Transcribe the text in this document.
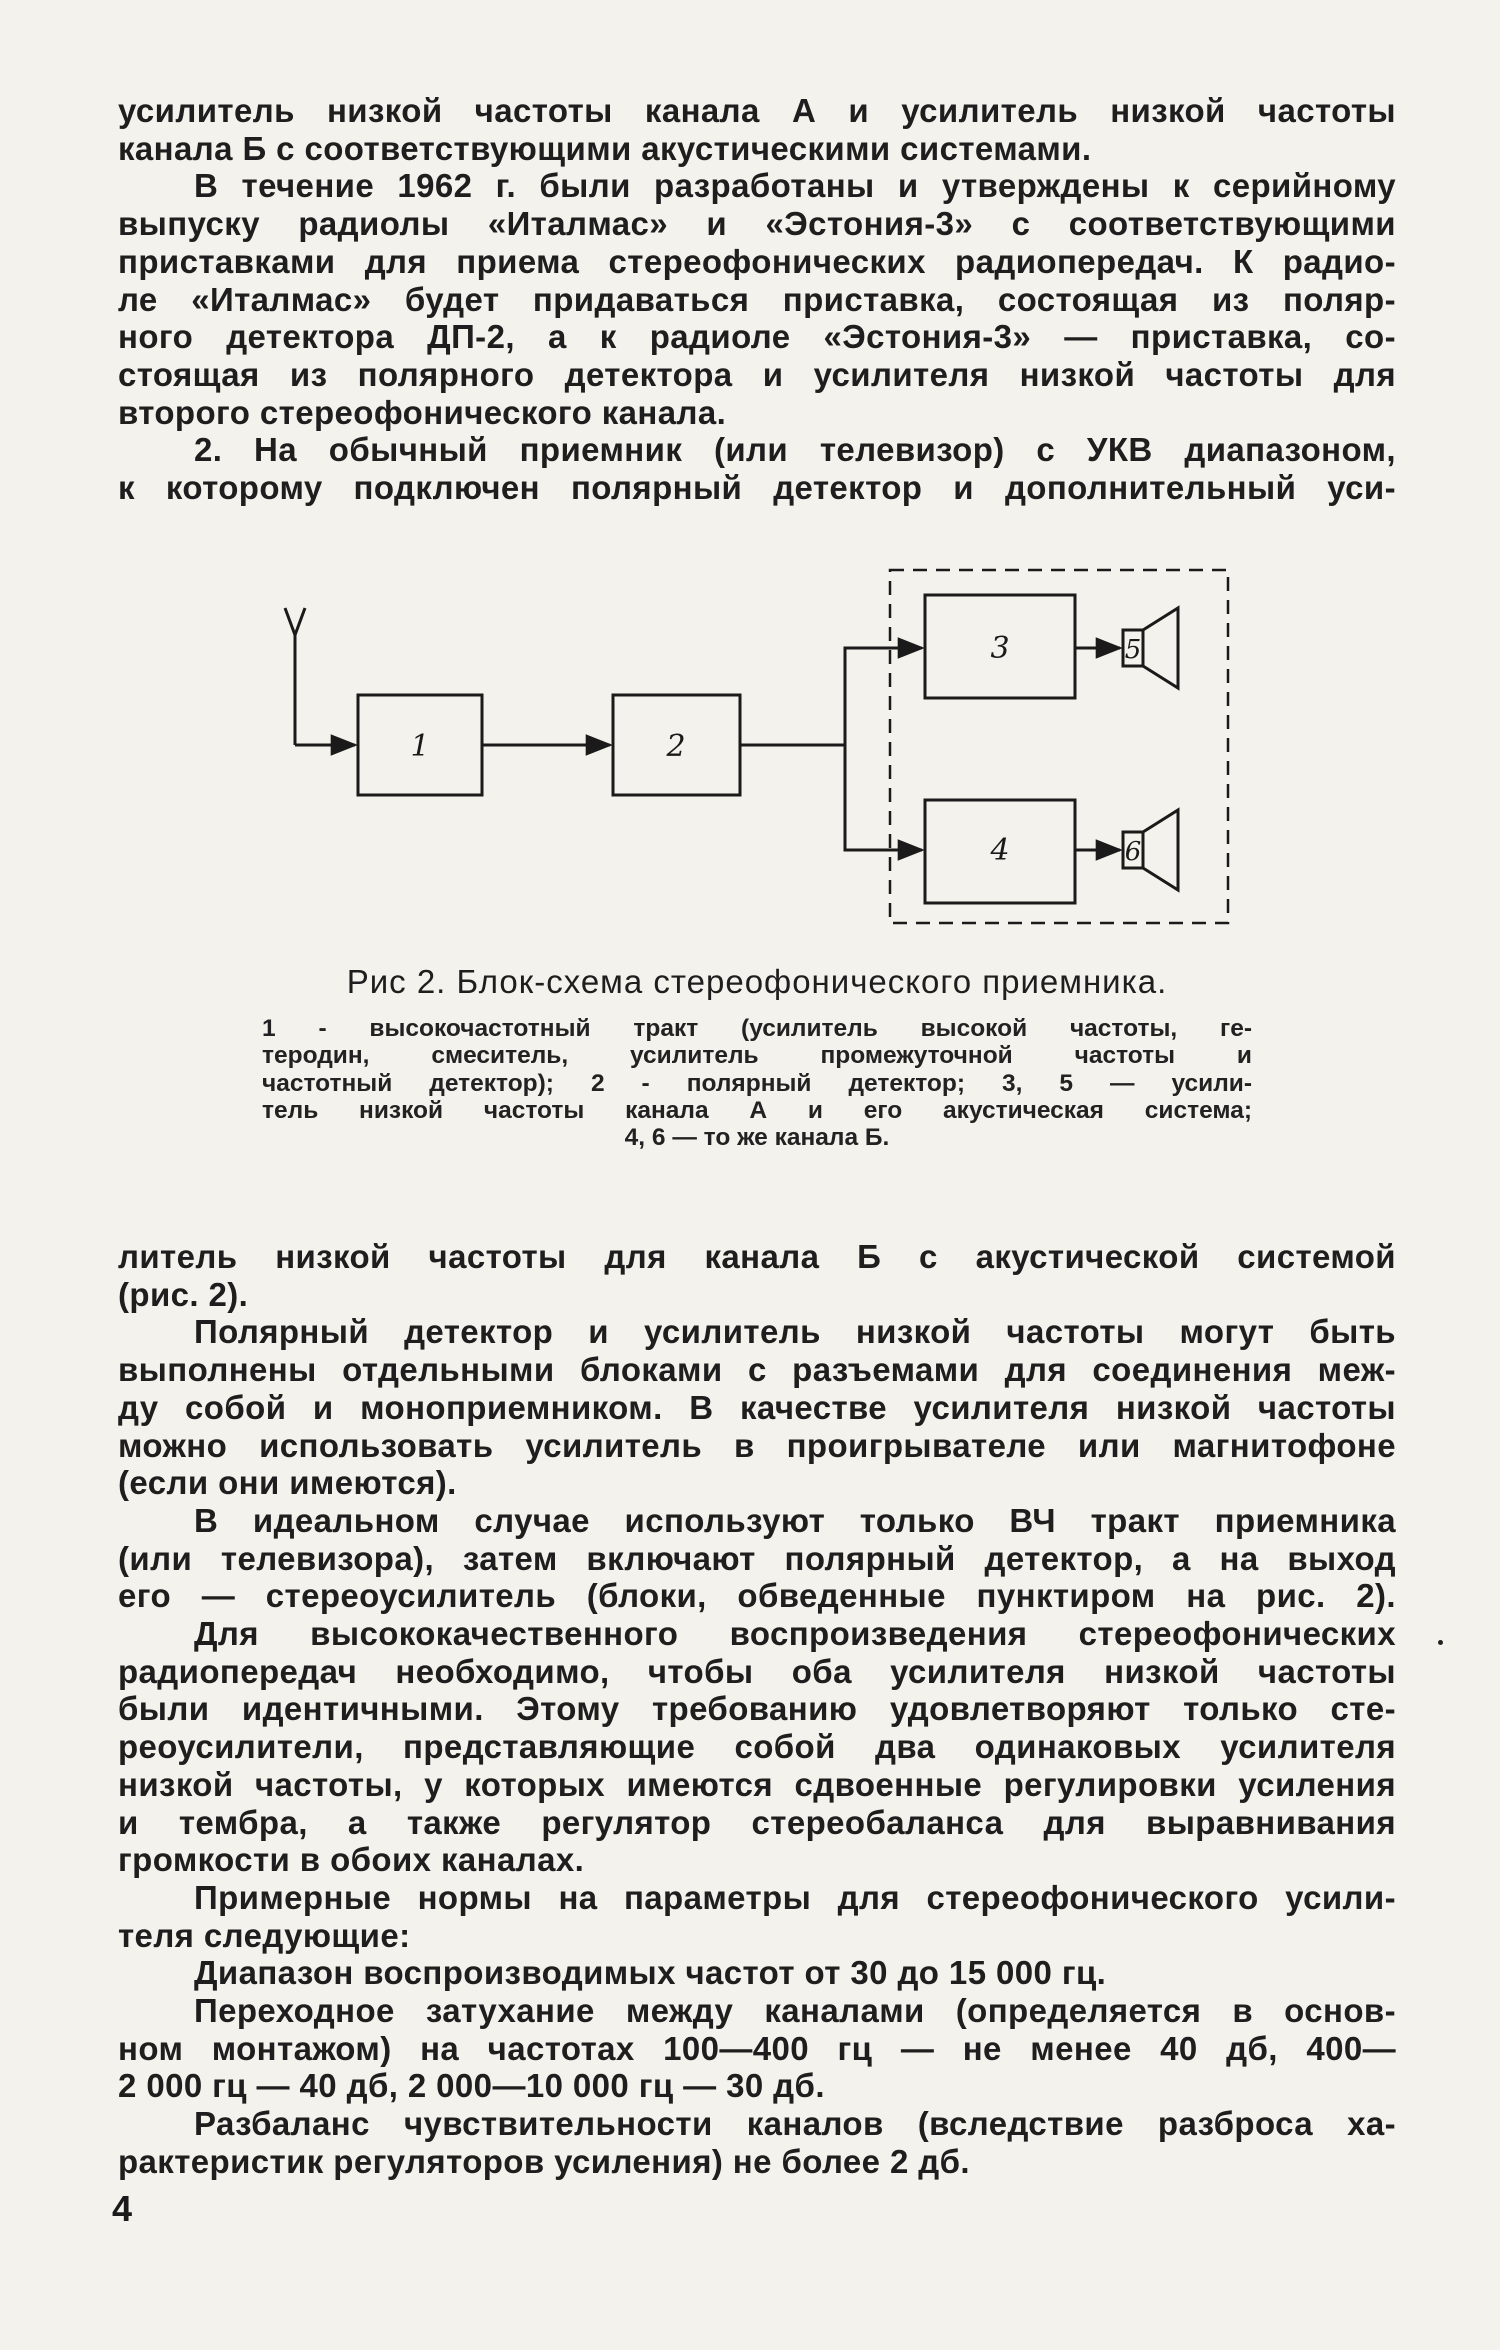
усилитель низкой частоты канала А и усилитель низкой частоты
канала Б с соответствующими акустическими системами.
В течение 1962 г. были разработаны и утверждены к серийному
выпуску радиолы «Италмас» и «Эстония-3» с соответствующими
приставками для приема стереофонических радиопередач. К радио-
ле «Италмас» будет придаваться приставка, состоящая из поляр-
ного детектора ДП-2, а к радиоле «Эстония-3» — приставка, со-
стоящая из полярного детектора и усилителя низкой частоты для
второго стереофонического канала.
2. На обычный приемник (или телевизор) с УКВ диапазоном,
к которому подключен полярный детектор и дополнительный уси-
1	2
3
4
5
6
Рис 2. Блок-схема стереофонического приемника.
1 - высокочастотный тракт (усилитель высокой частоты, ге-
теродин, смеситель, усилитель промежуточной частоты и
частотный детектор); 2 - полярный детектор; 3, 5 — усили-
тель низкой частоты канала А и его акустическая система;
4, 6 — то же канала Б.
литель низкой частоты для канала Б с акустической системой
(рис. 2).
Полярный детектор и усилитель низкой частоты могут быть
выполнены отдельными блоками с разъемами для соединения меж-
ду собой и моноприемником. В качестве усилителя низкой частоты
можно использовать усилитель в проигрывателе или магнитофоне
(если они имеются).
В идеальном случае используют только ВЧ тракт приемника
(или телевизора), затем включают полярный детектор, а на выход
его — стереоусилитель (блоки, обведенные пунктиром на рис. 2).
Для высококачественного воспроизведения стереофонических
радиопередач необходимо, чтобы оба усилителя низкой частоты
были идентичными. Этому требованию удовлетворяют только сте-
реоусилители, представляющие собой два одинаковых усилителя
низкой частоты, у которых имеются сдвоенные регулировки усиления
и тембра, а также регулятор стереобаланса для выравнивания
громкости в обоих каналах.
Примерные нормы на параметры для стереофонического усили-
теля следующие:
Диапазон воспроизводимых частот от 30 до 15 000 гц.
Переходное затухание между каналами (определяется в основ-
ном монтажом) на частотах 100—400 гц — не менее 40 дб, 400—
2 000 гц — 40 дб, 2 000—10 000 гц — 30 дб.
Разбаланс чувствительности каналов (вследствие разброса ха-
рактеристик регуляторов усиления) не более 2 дб.
4
